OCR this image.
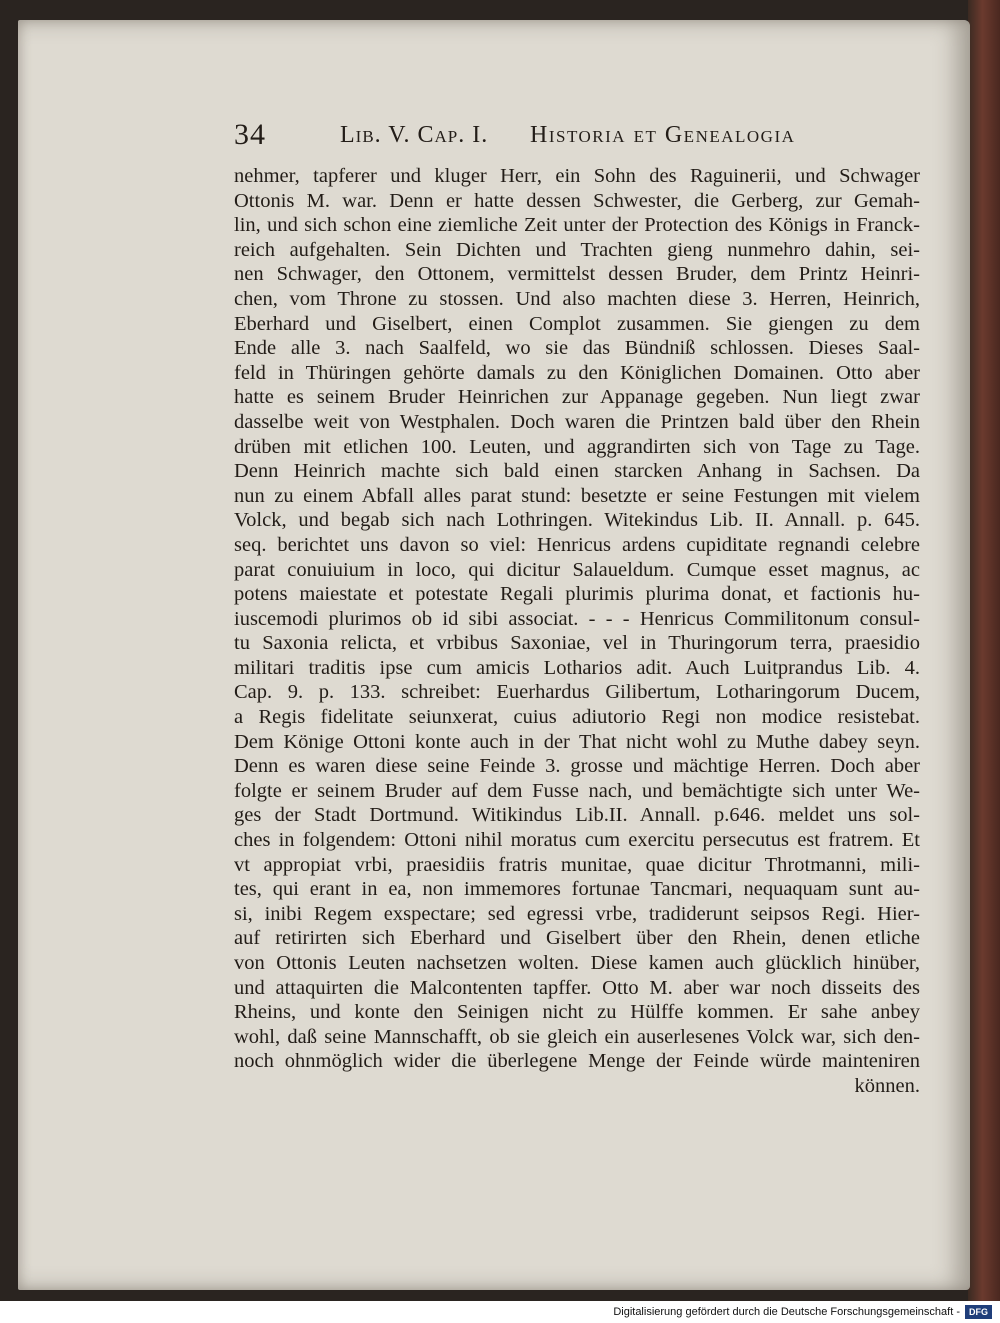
34	Lib. V. Cap. I. Historia et Genealogia
nehmer, tapferer und kluger Herr, ein Sohn des Raguinerii, und Schwager
Ottonis M. war. Denn er hatte dessen Schwester, die Gerberg, zur Gemah-
lin, und sich schon eine ziemliche Zeit unter der Protection des Königs in Franck-
reich aufgehalten. Sein Dichten und Trachten gieng nunmehro dahin, sei-
nen Schwager, den Ottonem, vermittelst dessen Bruder, dem Printz Heinri-
chen, vom Throne zu stossen. Und also machten diese 3. Herren, Heinrich,
Eberhard und Giselbert, einen Complot zusammen. Sie giengen zu dem
Ende alle 3. nach Saalfeld, wo sie das Bündniß schlossen. Dieses Saal-
feld in Thüringen gehörte damals zu den Königlichen Domainen. Otto aber
hatte es seinem Bruder Heinrichen zur Appanage gegeben. Nun liegt zwar
dasselbe weit von Westphalen. Doch waren die Printzen bald über den Rhein
drüben mit etlichen 100. Leuten, und aggrandirten sich von Tage zu Tage.
Denn Heinrich machte sich bald einen starcken Anhang in Sachsen. Da
nun zu einem Abfall alles parat stund: besetzte er seine Festungen mit vielem
Volck, und begab sich nach Lothringen. Witekindus Lib. II. Annall. p. 645.
seq. berichtet uns davon so viel: Henricus ardens cupiditate regnandi celebre
parat conuiuium in loco, qui dicitur Salaueldum. Cumque esset magnus, ac
potens maiestate et potestate Regali plurimis plurima donat, et factionis hu-
iuscemodi plurimos ob id sibi associat. - - - Henricus Commilitonum consul-
tu Saxonia relicta, et vrbibus Saxoniae, vel in Thuringorum terra, praesidio
militari traditis ipse cum amicis Lotharios adit. Auch Luitprandus Lib. 4.
Cap. 9. p. 133. schreibet: Euerhardus Gilibertum, Lotharingorum Ducem,
a Regis fidelitate seiunxerat, cuius adiutorio Regi non modice resistebat.
Dem Könige Ottoni konte auch in der That nicht wohl zu Muthe dabey seyn.
Denn es waren diese seine Feinde 3. grosse und mächtige Herren. Doch aber
folgte er seinem Bruder auf dem Fusse nach, und bemächtigte sich unter We-
ges der Stadt Dortmund. Witikindus Lib.II. Annall. p.646. meldet uns sol-
ches in folgendem: Ottoni nihil moratus cum exercitu persecutus est fratrem. Et
vt appropiat vrbi, praesidiis fratris munitae, quae dicitur Throtmanni, mili-
tes, qui erant in ea, non immemores fortunae Tancmari, nequaquam sunt au-
si, inibi Regem exspectare; sed egressi vrbe, tradiderunt seipsos Regi. Hier-
auf retirirten sich Eberhard und Giselbert über den Rhein, denen etliche
von Ottonis Leuten nachsetzen wolten. Diese kamen auch glücklich hinüber,
und attaquirten die Malcontenten tapffer. Otto M. aber war noch disseits des
Rheins, und konte den Seinigen nicht zu Hülffe kommen. Er sahe anbey
wohl, daß seine Mannschafft, ob sie gleich ein auserlesenes Volck war, sich den-
noch ohnmöglich wider die überlegene Menge der Feinde würde mainteniren
können.
Digitalisierung gefördert durch die Deutsche Forschungsgemeinschaft -	DFG
